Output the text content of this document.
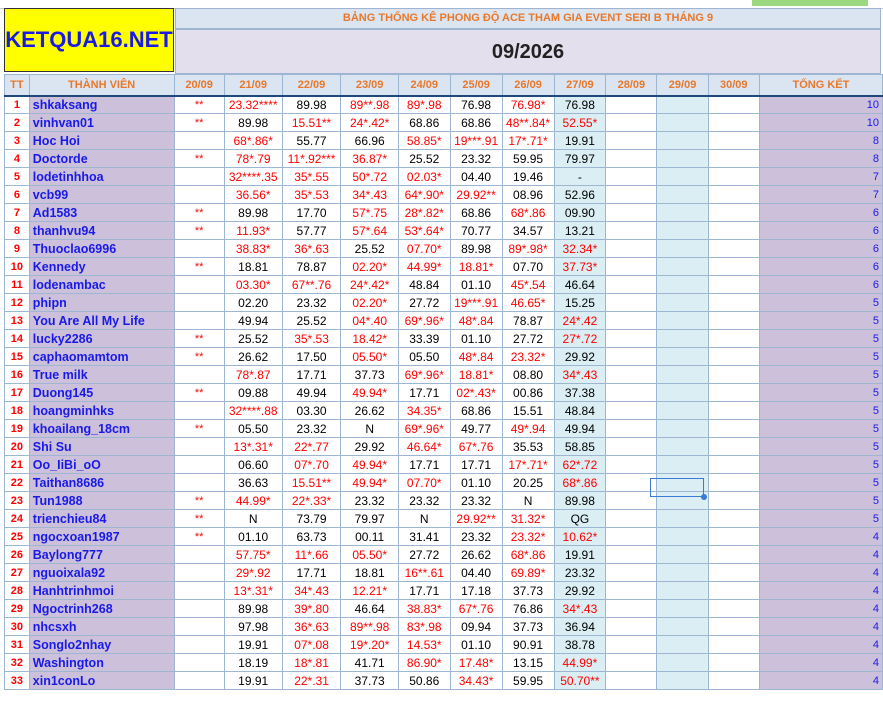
KETQUA16.NET
BẢNG THỐNG KÊ PHONG ĐỘ ACE THAM GIA EVENT SERI B THÁNG 9
09/2026
TT	THÀNH VIÊN	20/09	21/09	22/09	23/09	24/09	25/09	26/09	27/09	28/09	29/09	30/09	TỔNG KẾT
1	shkaksang	**	23.32****	89.98	89**.98	89*.98	76.98	76.98*	76.98				10
2	vinhvan01	**	89.98	15.51**	24*.42*	68.86	68.86	48**.84*	52.55*				10
3	Hoc Hoi		68*.86*	55.77	66.96	58.85*	19***.91	17*.71*	19.91				8
4	Doctorde	**	78*.79	11*.92***	36.87*	25.52	23.32	59.95	79.97				8
5	lodetinhhoa		32****.35	35*.55	50*.72	02.03*	04.40	19.46	-				7
6	vcb99		36.56*	35*.53	34*.43	64*.90*	29.92**	08.96	52.96				7
7	Ad1583	**	89.98	17.70	57*.75	28*.82*	68.86	68*.86	09.90				6
8	thanhvu94	**	11.93*	57.77	57*.64	53*.64*	70.77	34.57	13.21				6
9	Thuoclao6996		38.83*	36*.63	25.52	07.70*	89.98	89*.98*	32.34*				6
10	Kennedy	**	18.81	78.87	02.20*	44.99*	18.81*	07.70	37.73*				6
11	lodenambac		03.30*	67**.76	24*.42*	48.84	01.10	45*.54	46.64				6
12	phipn		02.20	23.32	02.20*	27.72	19***.91	46.65*	15.25				5
13	You Are All My Life		49.94	25.52	04*.40	69*.96*	48*.84	78.87	24*.42				5
14	lucky2286	**	25.52	35*.53	18.42*	33.39	01.10	27.72	27*.72				5
15	caphaomamtom	**	26.62	17.50	05.50*	05.50	48*.84	23.32*	29.92				5
16	True milk		78*.87	17.71	37.73	69*.96*	18.81*	08.80	34*.43				5
17	Duong145	**	09.88	49.94	49.94*	17.71	02*.43*	00.86	37.38				5
18	hoangminhks		32****.88	03.30	26.62	34.35*	68.86	15.51	48.84				5
19	khoailang_18cm	**	05.50	23.32	N	69*.96*	49.77	49*.94	49.94				5
20	Shi Su		13*.31*	22*.77	29.92	46.64*	67*.76	35.53	58.85				5
21	Oo_IiBi_oO		06.60	07*.70	49.94*	17.71	17.71	17*.71*	62*.72				5
22	Taithan8686		36.63	15.51**	49.94*	07.70*	01.10	20.25	68*.86				5
23	Tun1988	**	44.99*	22*.33*	23.32	23.32	23.32	N	89.98				5
24	trienchieu84	**	N	73.79	79.97	N	29.92**	31.32*	QG				5
25	ngocxoan1987	**	01.10	63.73	00.11	31.41	23.32	23.32*	10.62*				4
26	Baylong777		57.75*	11*.66	05.50*	27.72	26.62	68*.86	19.91				4
27	nguoixala92		29*.92	17.71	18.81	16**.61	04.40	69.89*	23.32				4
28	Hanhtrinhmoi		13*.31*	34*.43	12.21*	17.71	17.18	37.73	29.92				4
29	Ngoctrinh268		89.98	39*.80	46.64	38.83*	67*.76	76.86	34*.43				4
30	nhcsxh		97.98	36*.63	89**.98	83*.98	09.94	37.73	36.94				4
31	Songlo2nhay		19.91	07*.08	19*.20*	14.53*	01.10	90.91	38.78				4
32	Washington		18.19	18*.81	41.71	86.90*	17.48*	13.15	44.99*				4
33	xin1conLo		19.91	22*.31	37.73	50.86	34.43*	59.95	50.70**				4
